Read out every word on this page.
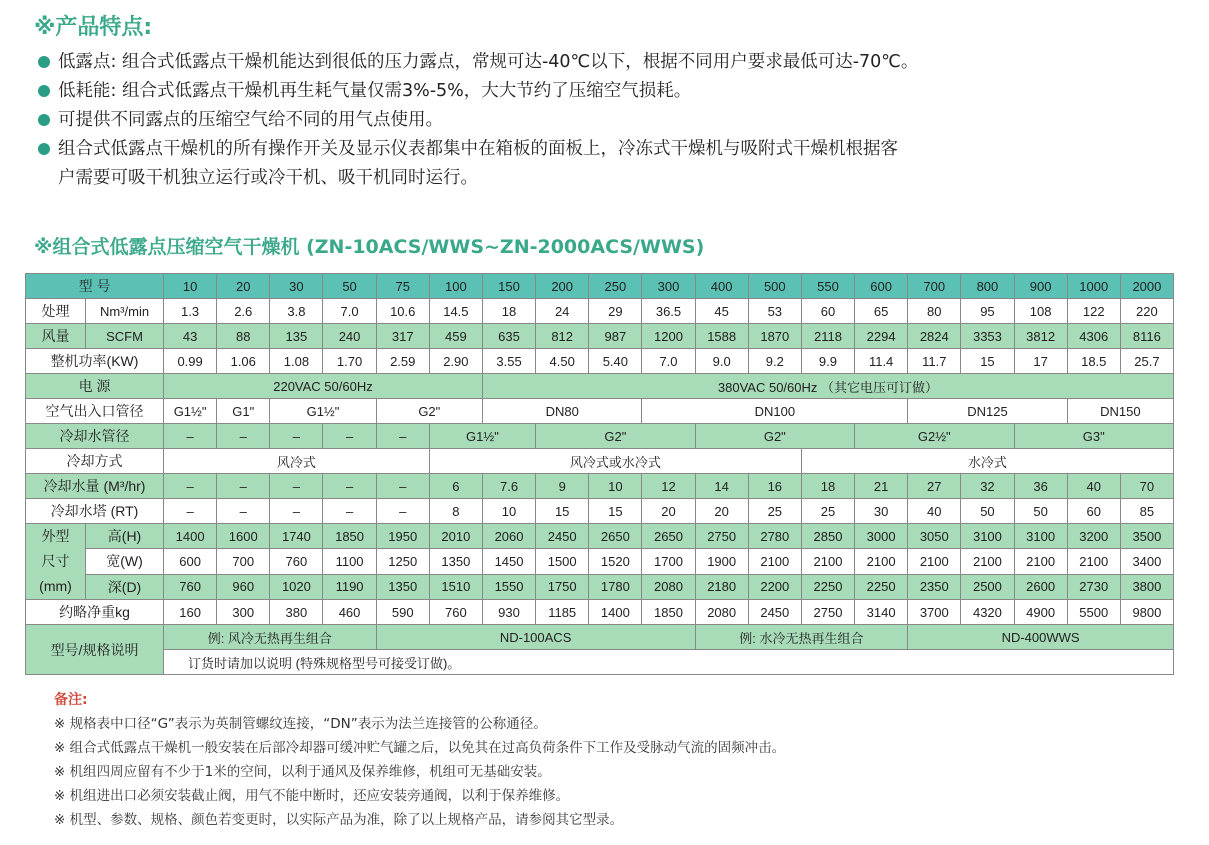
※产品特点:
低露点: 组合式低露点干燥机能达到很低的压力露点，常规可达-40℃以下，根据不同用户要求最低可达-70℃。
低耗能: 组合式低露点干燥机再生耗气量仅需3%-5%，大大节约了压缩空气损耗。
可提供不同露点的压缩空气给不同的用气点使用。
组合式低露点干燥机的所有操作开关及显示仪表都集中在箱板的面板上，冷冻式干燥机与吸附式干燥机根据客
户需要可吸干机独立运行或冷干机、吸干机同时运行。
※组合式低露点压缩空气干燥机 (ZN-10ACS/WWS~ZN-2000ACS/WWS)
型 号		10	20	30	50	75	100	150	200	250	300	400	500	550	600	700	800	900	1000	2000	
处理	Nm³/min	1.3	2.6	3.8	7.0	10.6	14.5	18	24	29	36.5	45	53	60	65	80	95	108	122	220	
风量	SCFM	43	88	135	240	317	459	635	812	987	1200	1588	1870	2118	2294	2824	3353	3812	4306	8116	
整机功率(KW)		0.99	1.06	1.08	1.70	2.59	2.90	3.55	4.50	5.40	7.0	9.0	9.2	9.9	11.4	11.7	15	17	18.5	25.7	
电 源		220VAC 50/60Hz						380VAC 50/60Hz （其它电压可订做）													
空气出入口管径		G1½"	G1"	G1½"		G2"		DN80			DN100					DN125			DN150	
冷却水管径		–	–	–	–	–	G1½"		G2"			G2"			G2½"			G3"			
冷却方式		风冷式					风冷式或水冷式							水冷式							
冷却水量 (M³/hr)		–	–	–	–	–	6	7.6	9	10	12	14	16	18	21	27	32	36	40	70	
冷却水塔 (RT)		–	–	–	–	–	8	10	15	15	20	20	25	25	30	40	50	50	60	85	

外型
尺寸
(mm)	高(H)	1400	1600	1740	1850	1950	2010	2060	2450	2650	2650	2750	2780	2850	3000	3050	3100	3100	3200	3500	
	宽(W)	600	700	760	1100	1250	1350	1450	1500	1520	1700	1900	2100	2100	2100	2100	2100	2100	2100	3400	
	深(D)	760	960	1020	1190	1350	1510	1550	1750	1780	2080	2180	2200	2250	2250	2350	2500	2600	2730	3800	
约略净重kg		160	300	380	460	590	760	930	1185	1400	1850	2080	2450	2750	3140	3700	4320	4900	5500	9800	
型号/规格说明		例: 风冷无热再生组合				ND-100ACS						例: 水冷无热再生组合				ND-400WWS					
		订货时请加以说明 (特殊规格型号可接受订做)。																			
备注:
※ 规格表中口径“G”表示为英制管螺纹连接，“DN”表示为法兰连接管的公称通径。
※ 组合式低露点干燥机一般安装在后部冷却器可缓冲贮气罐之后，以免其在过高负荷条件下工作及受脉动气流的固频冲击。
※ 机组四周应留有不少于1米的空间，以利于通风及保养维修，机组可无基础安装。
※ 机组进出口必须安装截止阀，用气不能中断时，还应安装旁通阀，以利于保养维修。
※ 机型、参数、规格、颜色若变更时，以实际产品为准，除了以上规格产品，请参阅其它型录。
